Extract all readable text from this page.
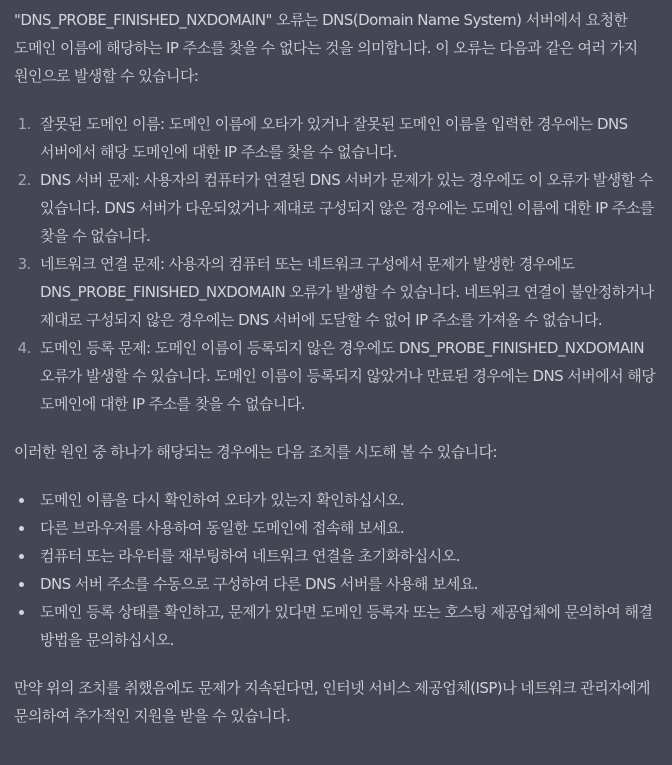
"DNS_PROBE_FINISHED_NXDOMAIN" 오류는 DNS(Domain Name System) 서버에서 요청한 도메인 이름에 해당하는 IP 주소를 찾을 수 없다는 것을 의미합니다. 이 오류는 다음과 같은 여러 가지 원인으로 발생할 수 있습니다:

1. 잘못된 도메인 이름: 도메인 이름에 오타가 있거나 잘못된 도메인 이름을 입력한 경우에는 DNS 서버에서 해당 도메인에 대한 IP 주소를 찾을 수 없습니다.
2. DNS 서버 문제: 사용자의 컴퓨터가 연결된 DNS 서버가 문제가 있는 경우에도 이 오류가 발생할 수 있습니다. DNS 서버가 다운되었거나 제대로 구성되지 않은 경우에는 도메인 이름에 대한 IP 주소를 찾을 수 없습니다.
3. 네트워크 연결 문제: 사용자의 컴퓨터 또는 네트워크 구성에서 문제가 발생한 경우에도 DNS_PROBE_FINISHED_NXDOMAIN 오류가 발생할 수 있습니다. 네트워크 연결이 불안정하거나 제대로 구성되지 않은 경우에는 DNS 서버에 도달할 수 없어 IP 주소를 가져올 수 없습니다.
4. 도메인 등록 문제: 도메인 이름이 등록되지 않은 경우에도 DNS_PROBE_FINISHED_NXDOMAIN 오류가 발생할 수 있습니다. 도메인 이름이 등록되지 않았거나 만료된 경우에는 DNS 서버에서 해당 도메인에 대한 IP 주소를 찾을 수 없습니다.

이러한 원인 중 하나가 해당되는 경우에는 다음 조치를 시도해 볼 수 있습니다:

• 도메인 이름을 다시 확인하여 오타가 있는지 확인하십시오.
• 다른 브라우저를 사용하여 동일한 도메인에 접속해 보세요.
• 컴퓨터 또는 라우터를 재부팅하여 네트워크 연결을 초기화하십시오.
• DNS 서버 주소를 수동으로 구성하여 다른 DNS 서버를 사용해 보세요.
• 도메인 등록 상태를 확인하고, 문제가 있다면 도메인 등록자 또는 호스팅 제공업체에 문의하여 해결 방법을 문의하십시오.

만약 위의 조치를 취했음에도 문제가 지속된다면, 인터넷 서비스 제공업체(ISP)나 네트워크 관리자에게 문의하여 추가적인 지원을 받을 수 있습니다.
